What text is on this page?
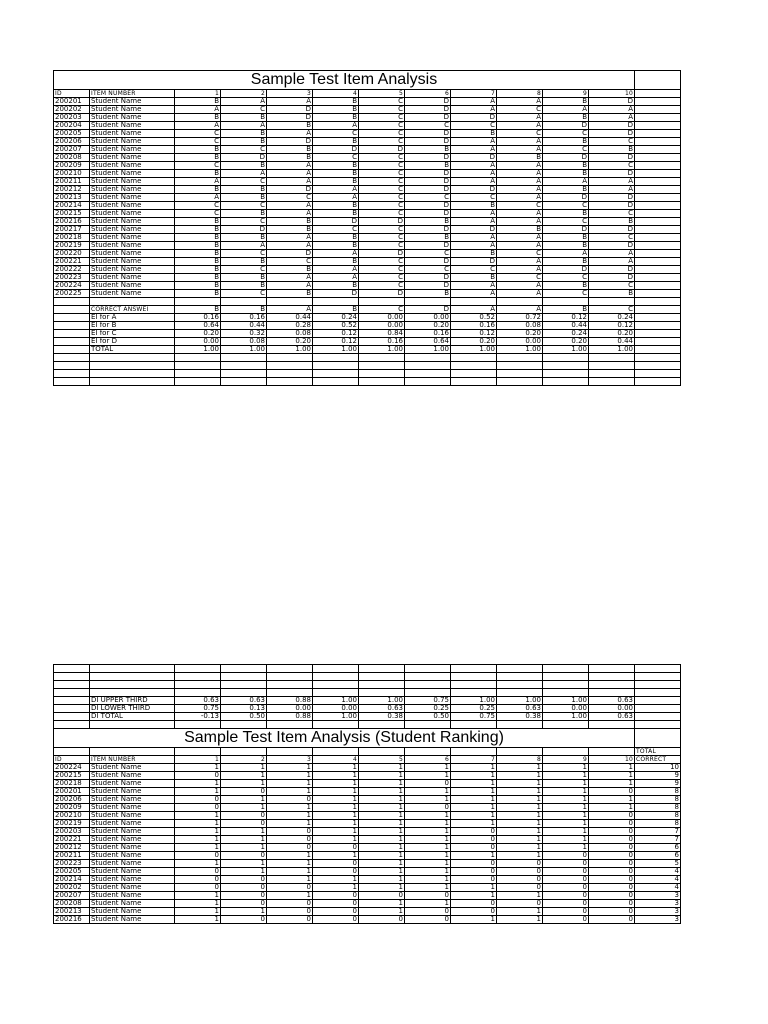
Sample Test Item Analysis												
ID	ITEM NUMBER	1	2	3	4	5	6	7	8	9	10	
200201	Student Name	B	A	A	B	C	D	A	A	B	D	
200202	Student Name	A	C	D	B	C	D	A	C	A	A	
200203	Student Name	B	B	D	B	C	D	D	A	B	A	
200204	Student Name	A	A	B	A	C	C	C	A	D	D	
200205	Student Name	C	B	A	C	C	D	B	C	C	D	
200206	Student Name	C	B	D	B	C	D	A	A	B	C	
200207	Student Name	B	C	B	D	D	B	A	A	C	B	
200208	Student Name	B	D	B	C	C	D	D	B	D	D	
200209	Student Name	C	B	A	B	C	B	A	A	B	C	
200210	Student Name	B	A	A	B	C	D	A	A	B	D	
200211	Student Name	A	C	A	B	C	D	A	A	A	A	
200212	Student Name	B	B	D	A	C	D	D	A	B	A	
200213	Student Name	A	B	C	A	C	C	C	A	D	D	
200214	Student Name	C	C	A	B	C	D	B	C	C	D	
200215	Student Name	C	B	A	B	C	D	A	A	B	C	
200216	Student Name	B	C	B	D	D	B	A	A	C	B	
200217	Student Name	B	D	B	C	C	D	D	B	D	D	
200218	Student Name	B	B	A	B	C	B	A	A	B	C	
200219	Student Name	B	A	A	B	C	D	A	A	B	D	
200220	Student Name	B	C	D	A	D	C	B	C	A	A	
200221	Student Name	B	B	C	B	C	D	D	A	B	A	
200222	Student Name	B	C	B	A	C	C	C	A	D	D	
200223	Student Name	B	B	A	A	C	D	B	C	C	D	
200224	Student Name	B	B	A	B	C	D	A	A	B	C	
200225	Student Name	B	C	B	D	D	B	A	A	C	B	

	CORRECT ANSWEI	B	B	A	B	C	D	A	A	B	C	
	EI for A	0.16	0.16	0.44	0.24	0.00	0.00	0.52	0.72	0.12	0.24	
	EI for B	0.64	0.44	0.28	0.52	0.00	0.20	0.16	0.08	0.44	0.12	
	EI for C	0.20	0.32	0.08	0.12	0.84	0.16	0.12	0.20	0.24	0.20	
	EI for D	0.00	0.08	0.20	0.12	0.16	0.64	0.20	0.00	0.20	0.44	
	TOTAL	1.00	1.00	1.00	1.00	1.00	1.00	1.00	1.00	1.00	1.00	

	DI UPPER THIRD	0.63	0.63	0.88	1.00	1.00	0.75	1.00	1.00	1.00	0.63	
	DI LOWER THIRD	0.75	0.13	0.00	0.00	0.63	0.25	0.25	0.63	0.00	0.00	
	DI TOTAL	-0.13	0.50	0.88	1.00	0.38	0.50	0.75	0.38	1.00	0.63	

Sample Test Item Analysis (Student Ranking)												
												TOTAL
ID	ITEM NUMBER	1	2	3	4	5	6	7	8	9	10	CORRECT
200224	Student Name	1	1	1	1	1	1	1	1	1	1	10
200215	Student Name	0	1	1	1	1	1	1	1	1	1	9
200218	Student Name	1	1	1	1	1	0	1	1	1	1	9
200201	Student Name	1	0	1	1	1	1	1	1	1	0	8
200206	Student Name	0	1	0	1	1	1	1	1	1	1	8
200209	Student Name	0	1	1	1	1	0	1	1	1	1	8
200210	Student Name	1	0	1	1	1	1	1	1	1	0	8
200219	Student Name	1	0	1	1	1	1	1	1	1	0	8
200203	Student Name	1	1	0	1	1	1	0	1	1	0	7
200221	Student Name	1	1	0	1	1	1	0	1	1	0	7
200212	Student Name	1	1	0	0	1	1	0	1	1	0	6
200211	Student Name	0	0	1	1	1	1	1	1	0	0	6
200223	Student Name	1	1	1	0	1	1	0	0	0	0	5
200205	Student Name	0	1	1	0	1	1	0	0	0	0	4
200214	Student Name	0	0	1	1	1	1	0	0	0	0	4
200202	Student Name	0	0	0	1	1	1	1	0	0	0	4
200207	Student Name	1	0	1	0	0	0	1	1	0	0	3
200208	Student Name	1	0	0	0	1	1	0	0	0	0	3
200213	Student Name	1	1	0	0	1	0	0	1	0	0	3
200216	Student Name	1	0	0	0	0	0	1	1	0	0	3
